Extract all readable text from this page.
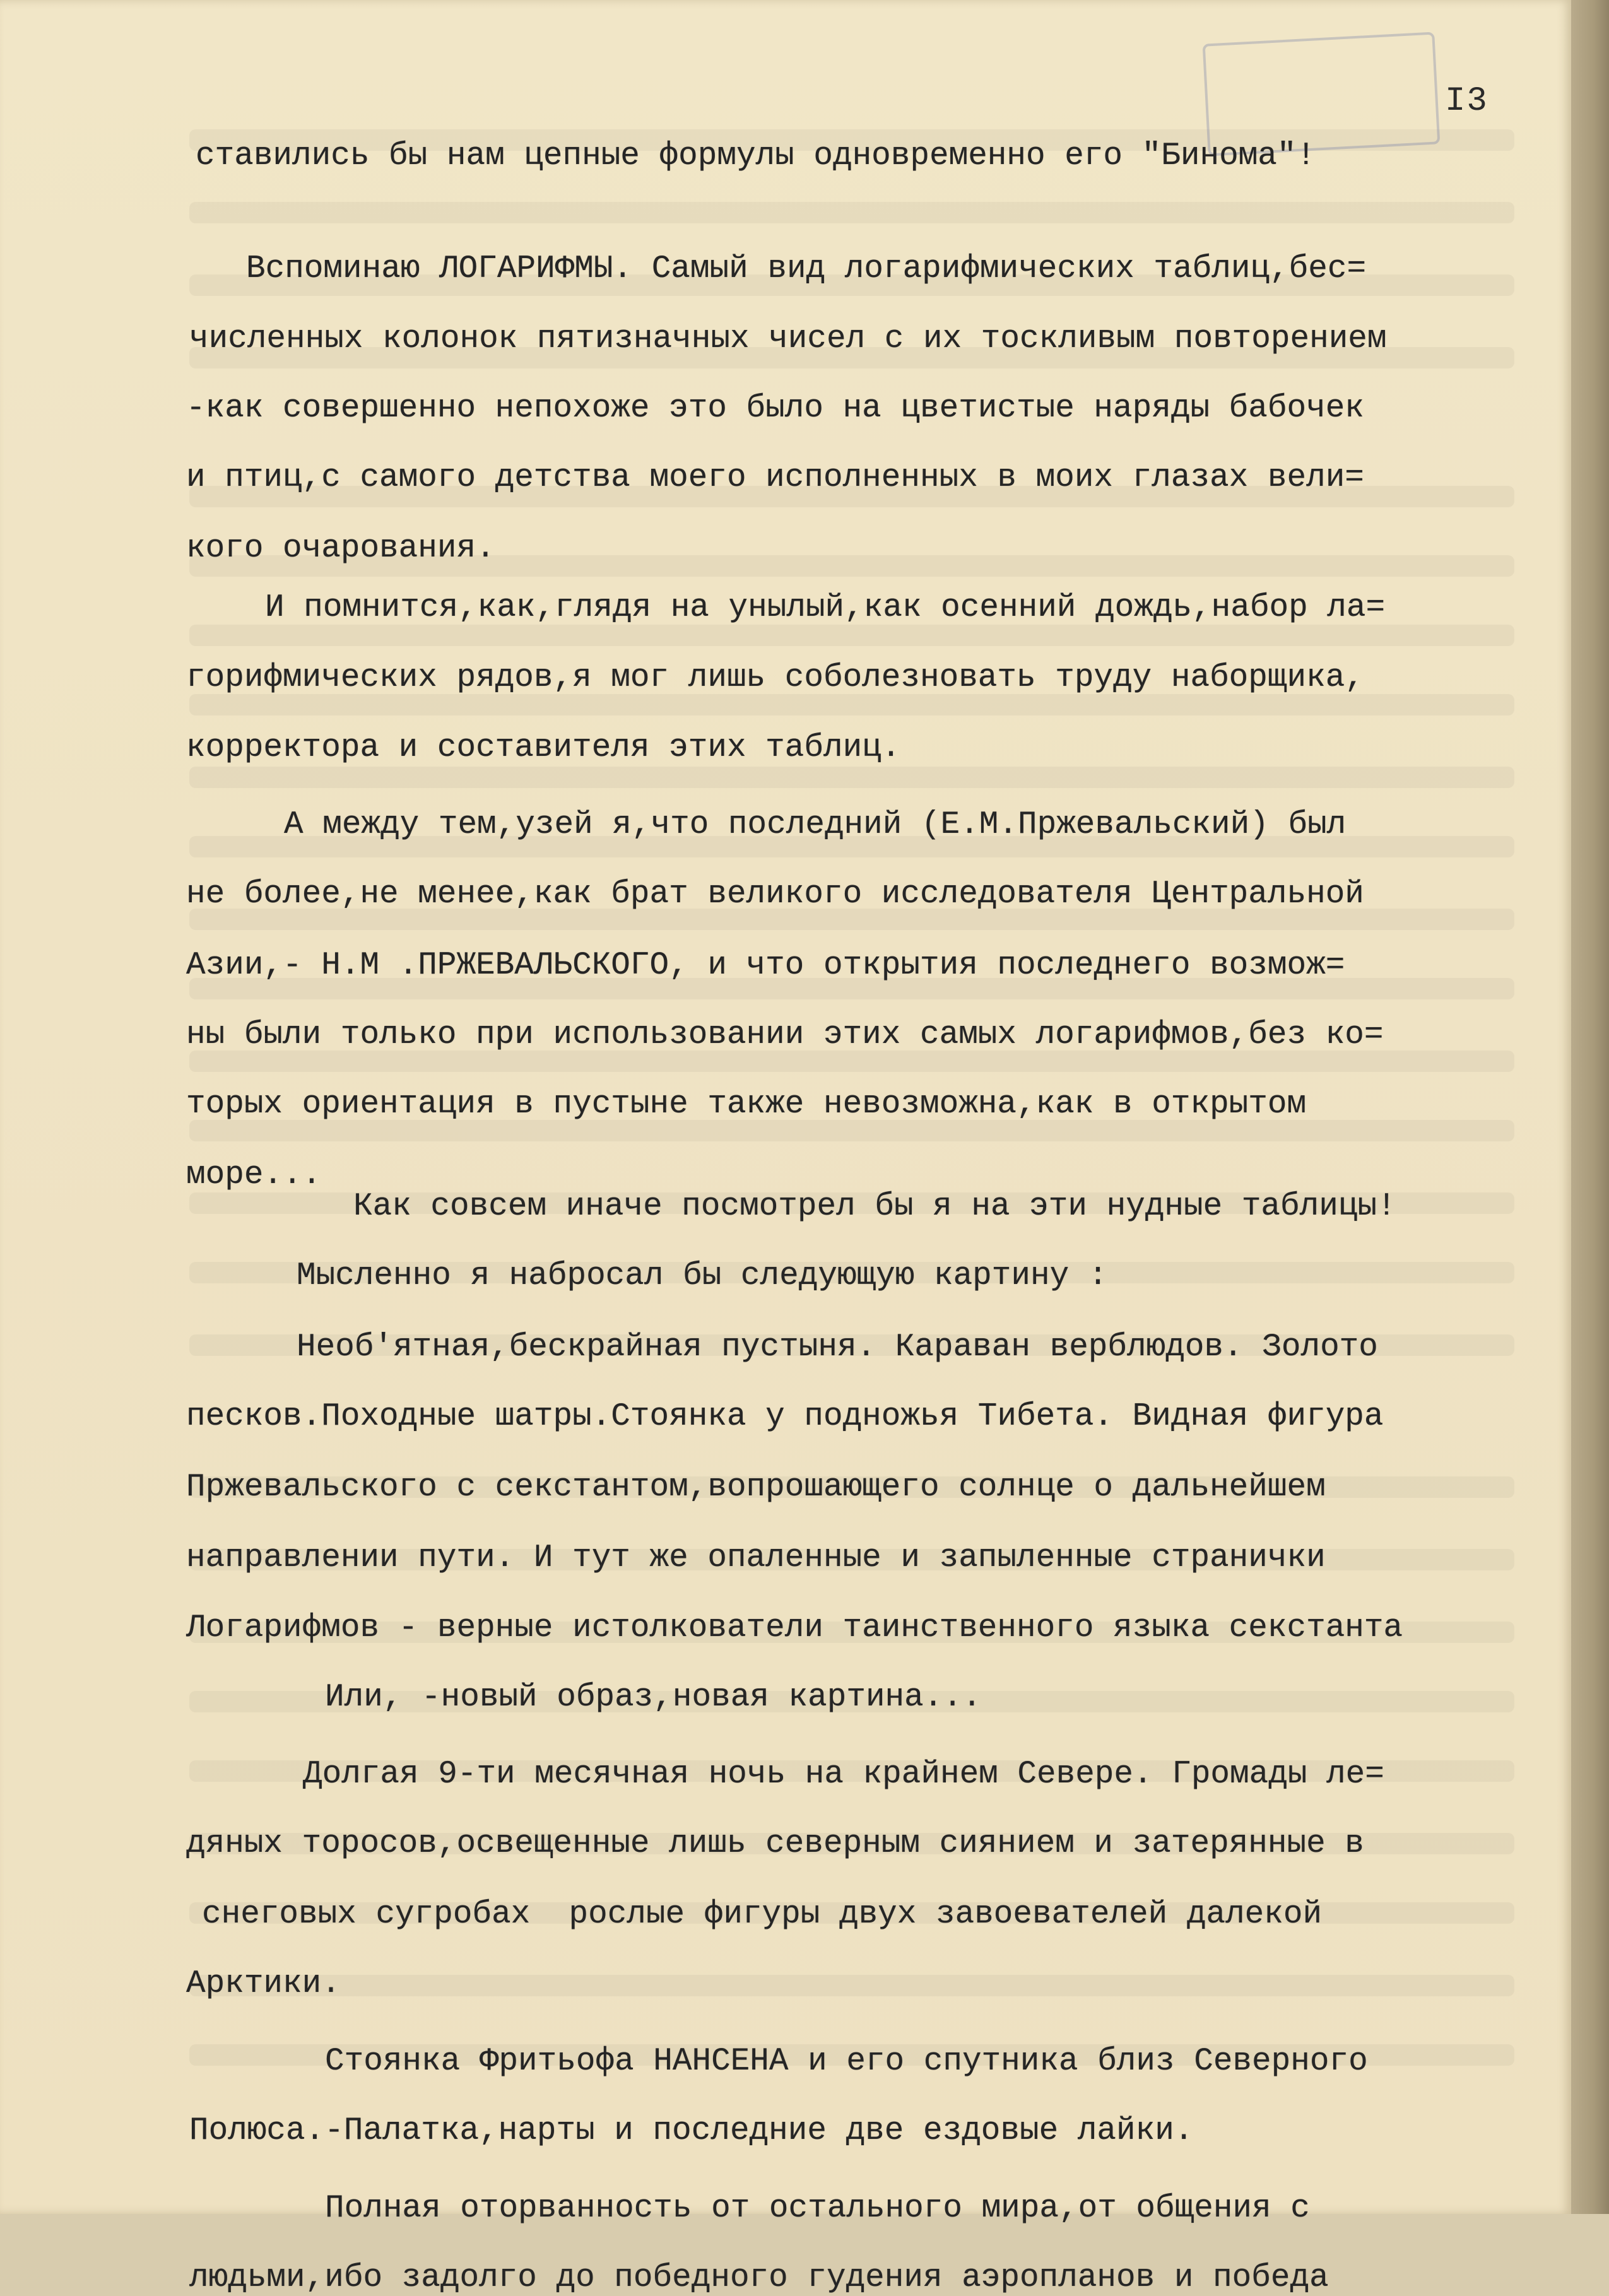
I3
ставились бы нам цепные формулы одновременно его "Бинома"!
Вспоминаю ЛОГАРИФМЫ. Самый вид логарифмических таблиц,бес=
численных колонок пятизначных чисел с их тоскливым повторением
-как совершенно непохоже это было на цветистые наряды бабочек
и птиц,с самого детства моего исполненных в моих глазах вели=
кого очарования.
И помнится,как,глядя на унылый,как осенний дождь,набор ла=
горифмических рядов,я мог лишь соболезновать труду наборщика,
корректора и составителя этих таблиц.
А между тем,узей я,что последний (Е.М.Пржевальский) был
не более,не менее,как брат великого исследователя Центральной
Азии,- Н.М .ПРЖЕВАЛЬСКОГО, и что открытия последнего возмож=
ны были только при использовании этих самых логарифмов,без ко=
торых ориентация в пустыне также невозможна,как в открытом
море...
Как совсем иначе посмотрел бы я на эти нудные таблицы!
Мысленно я набросал бы следующую картину :
Необ'ятная,бескрайная пустыня. Караван верблюдов. Золото
песков.Походные шатры.Стоянка у подножья Тибета. Видная фигура
Пржевальского с секстантом,вопрошающего солнце о дальнейшем
направлении пути. И тут же опаленные и запыленные странички
Логарифмов - верные истолкователи таинственного языка секстанта
Или, -новый образ,новая картина...
Долгая 9-ти месячная ночь на крайнем Севере. Громады ле=
дяных торосов,освещенные лишь северным сиянием и затерянные в
снеговых сугробах  рослые фигуры двух завоевателей далекой
Арктики.
Стоянка Фритьофа НАНСЕНА и его спутника близ Северного
Полюса.-Палатка,нарты и последние две ездовые лайки.
Полная оторванность от остального мира,от общения с
людьми,ибо задолго до победного гудения аэропланов и победа
